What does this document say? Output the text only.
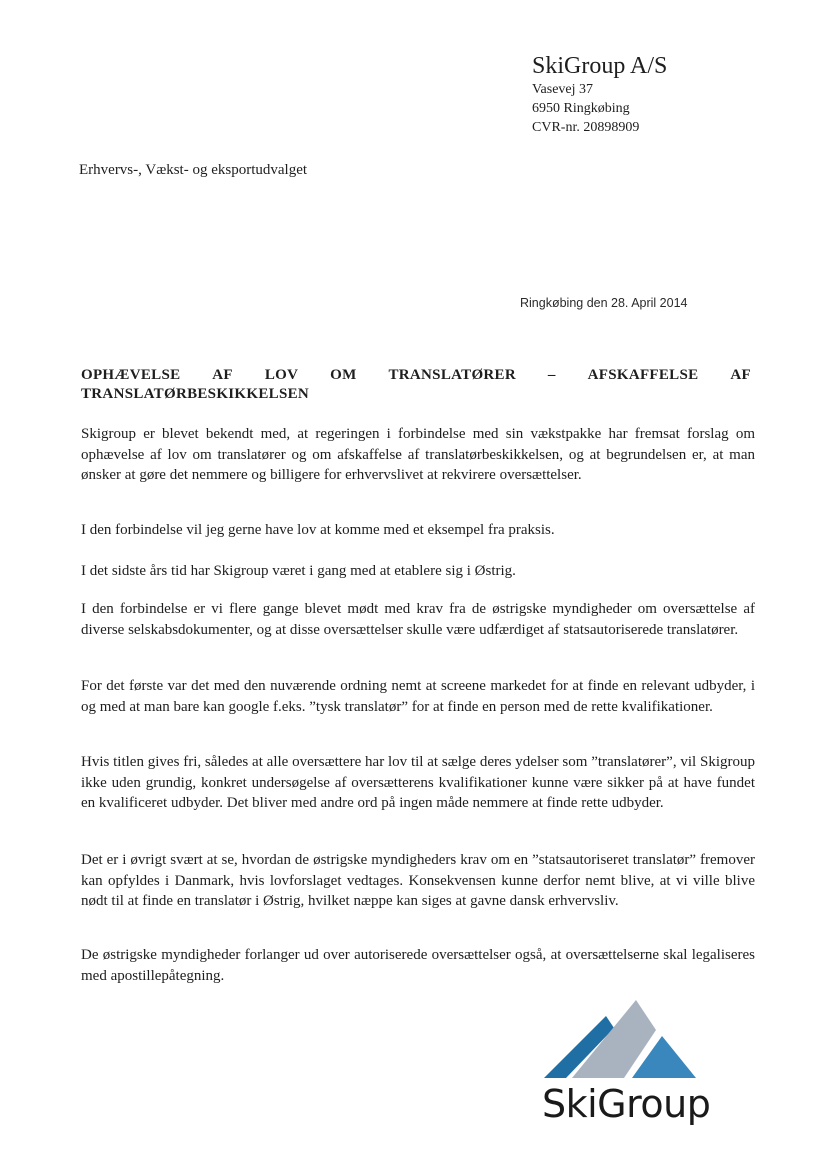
SkiGroup A/S
Vasevej 37
6950 Ringkøbing
CVR-nr. 20898909
Erhvervs-, Vækst- og eksportudvalget
Ringkøbing den 28. April 2014
OPHÆVELSE AF LOV OM TRANSLATØRER – AFSKAFFELSE AF
TRANSLATØRBESKIKKELSEN

Skigroup er blevet bekendt med, at regeringen i forbindelse med sin vækstpakke har fremsat forslag om ophævelse af lov om translatører og om afskaffelse af translatørbeskikkelsen, og at begrundelsen er, at man ønsker at gøre det nemmere og billigere for erhvervslivet at rekvirere oversættelser.

I den forbindelse vil jeg gerne have lov at komme med et eksempel fra praksis.

I det sidste års tid har Skigroup været i gang med at etablere sig i Østrig.

I den forbindelse er vi flere gange blevet mødt med krav fra de østrigske myndigheder om oversættelse af diverse selskabsdokumenter, og at disse oversættelser skulle være udfærdiget af statsautoriserede translatører.

For det første var det med den nuværende ordning nemt at screene markedet for at finde en relevant udbyder, i og med at man bare kan google f.eks. ”tysk translatør” for at finde en person med de rette kvalifikationer.

Hvis titlen gives fri, således at alle oversættere har lov til at sælge deres ydelser som ”translatører”, vil Skigroup ikke uden grundig, konkret undersøgelse af oversætterens kvalifikationer kunne være sikker på at have fundet en kvalificeret udbyder. Det bliver med andre ord på ingen måde nemmere at finde rette udbyder.

Det er i øvrigt svært at se, hvordan de østrigske myndigheders krav om en ”statsautoriseret translatør” fremover kan opfyldes i Danmark, hvis lovforslaget vedtages. Konsekvensen kunne derfor nemt blive, at vi ville blive nødt til at finde en translatør i Østrig, hvilket næppe kan siges at gavne dansk erhvervsliv.

De østrigske myndigheder forlanger ud over autoriserede oversættelser også, at oversættelserne skal legaliseres med apostillepåtegning.

SkiGroup
